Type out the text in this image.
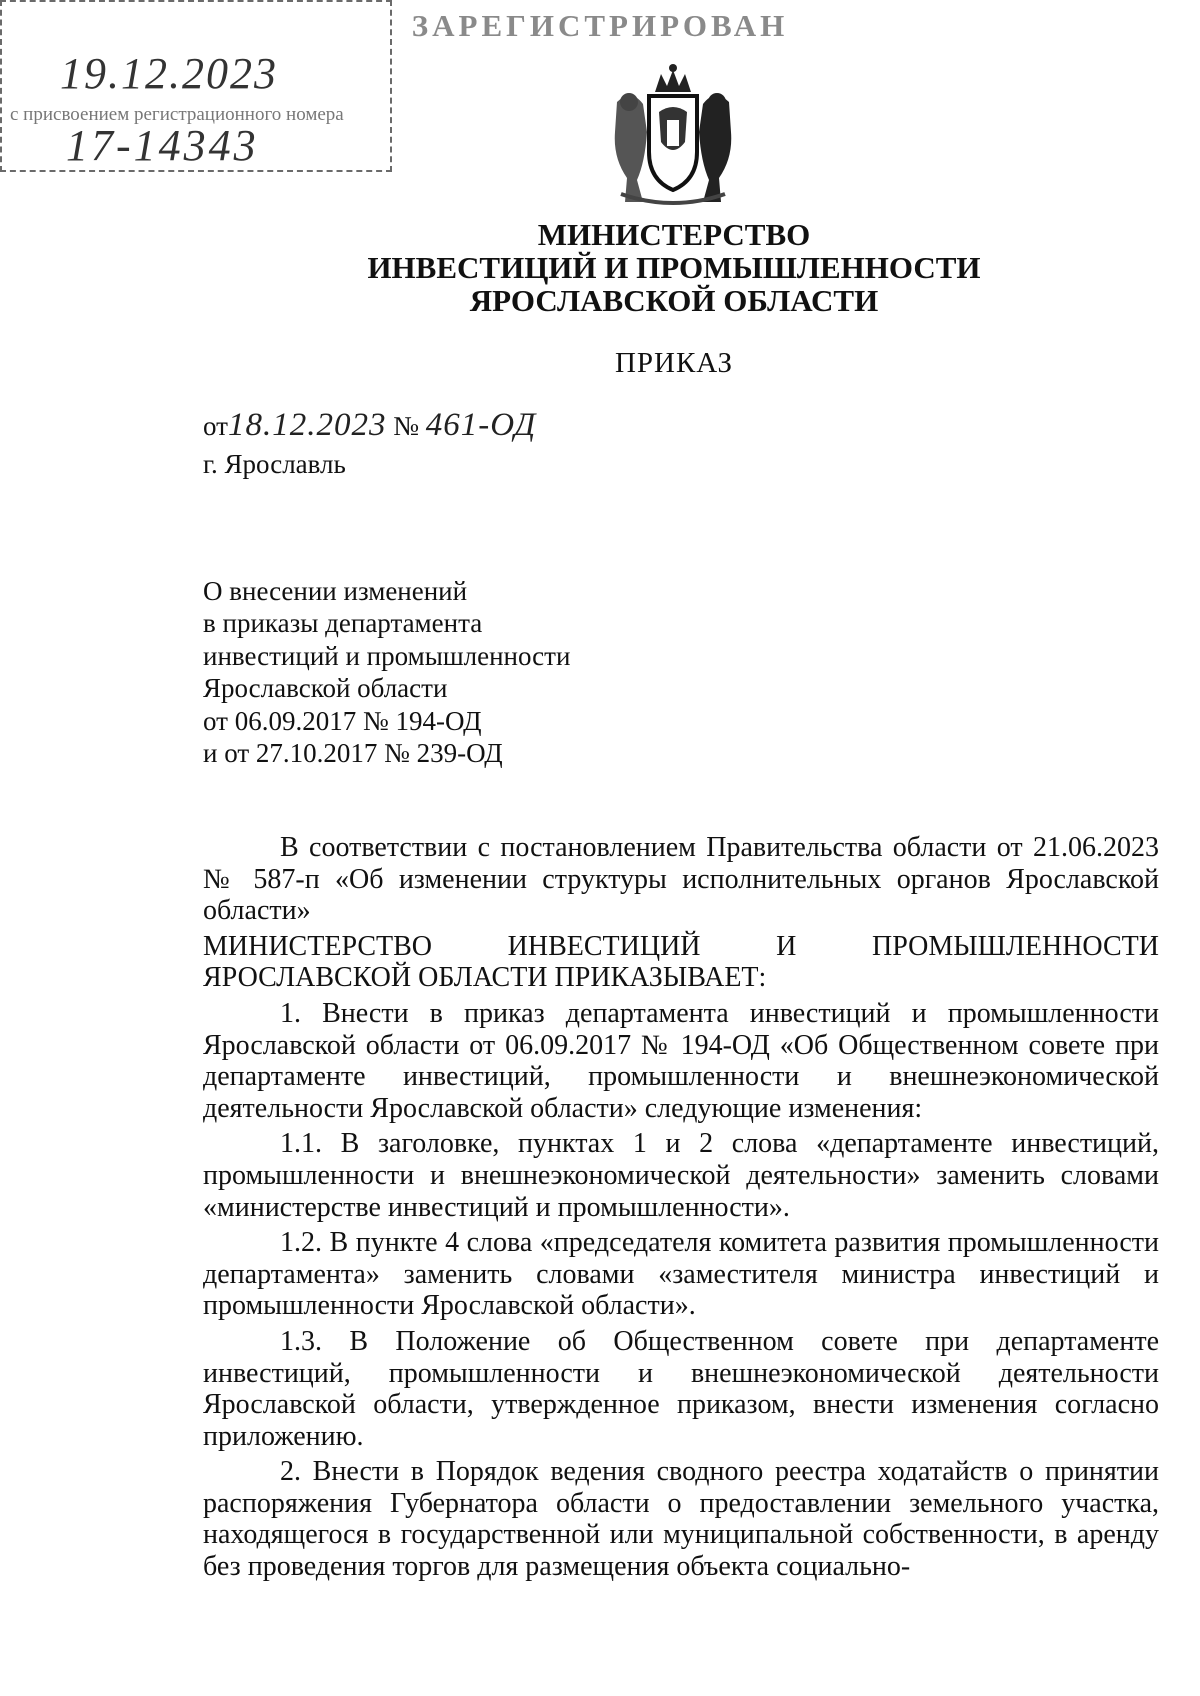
ЗАРЕГИСТРИРОВАН
19.12.2023
с присвоением регистрационного номера
17-14343
МИНИСТЕРСТВО
ИНВЕСТИЦИЙ И ПРОМЫШЛЕННОСТИ
ЯРОСЛАВСКОЙ ОБЛАСТИ
ПРИКАЗ
от18.12.2023 № 461-ОД
г. Ярославль
О внесении изменений
в приказы департамента
инвестиций и промышленности
Ярославской области
от 06.09.2017 № 194-ОД
и от 27.10.2017 № 239-ОД

В соответствии с постановлением Правительства области от 21.06.2023 № 587-п «Об изменении структуры исполнительных органов Ярославской области»

МИНИСТЕРСТВО ИНВЕСТИЦИЙ И ПРОМЫШЛЕННОСТИ

ЯРОСЛАВСКОЙ ОБЛАСТИ ПРИКАЗЫВАЕТ:

1. Внести в приказ департамента инвестиций и промышленности Ярославской области от 06.09.2017 № 194-ОД «Об Общественном совете при департаменте инвестиций, промышленности и внешнеэкономической деятельности Ярославской области» следующие изменения:

1.1. В заголовке, пунктах 1 и 2 слова «департаменте инвестиций, промышленности и внешнеэкономической деятельности» заменить словами «министерстве инвестиций и промышленности».

1.2. В пункте 4 слова «председателя комитета развития промышленности департамента» заменить словами «заместителя министра инвестиций и промышленности Ярославской области».

1.3. В Положение об Общественном совете при департаменте инвестиций, промышленности и внешнеэкономической деятельности Ярославской области, утвержденное приказом, внести изменения согласно приложению.

2. Внести в Порядок ведения сводного реестра ходатайств о принятии распоряжения Губернатора области о предоставлении земельного участка, находящегося в государственной или муниципальной собственности, в аренду без проведения торгов для размещения объекта социально-
